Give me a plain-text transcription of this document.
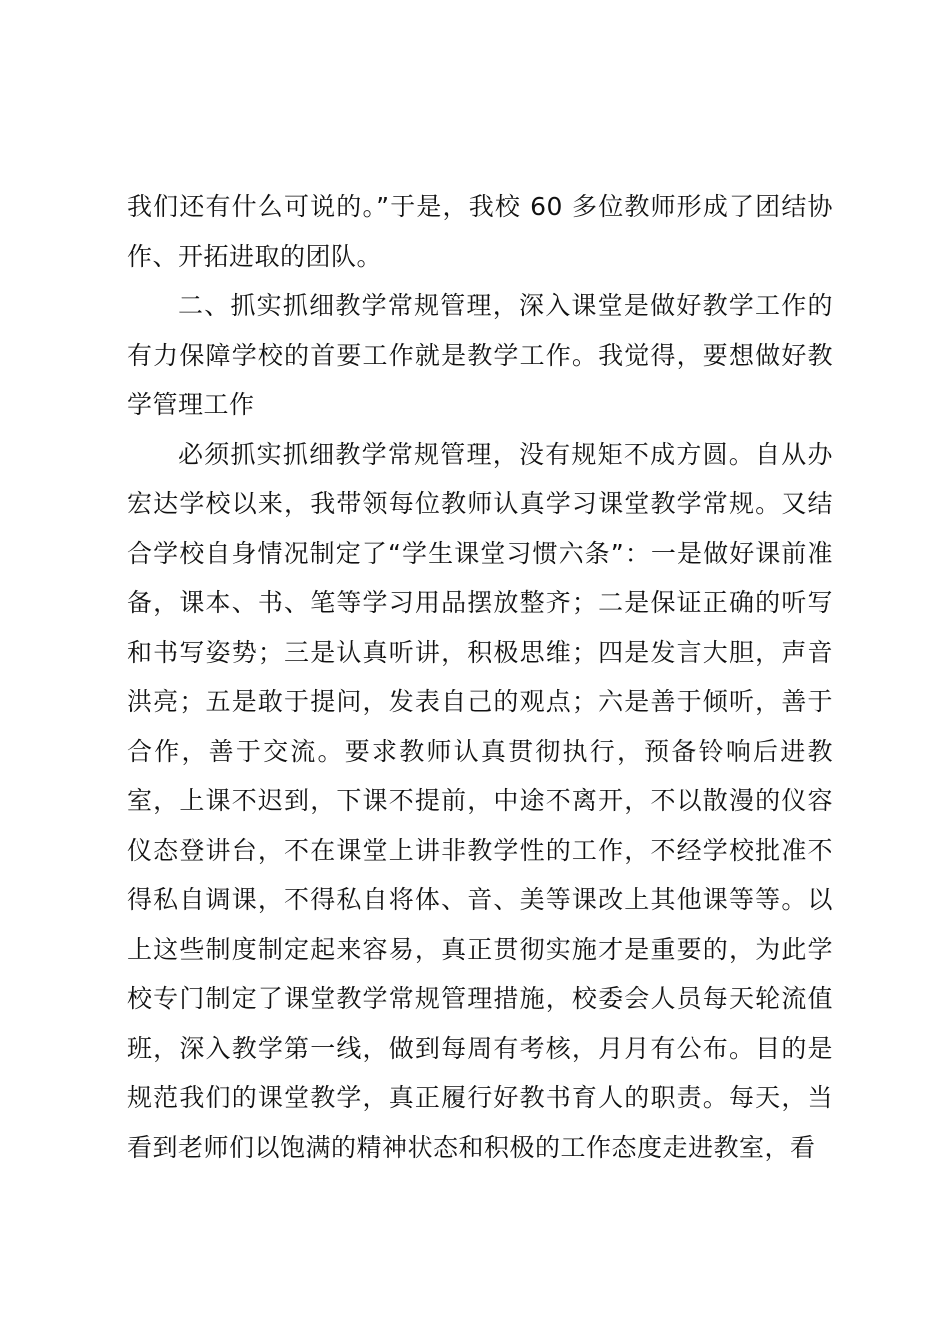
我们还有什么可说的。”于是，我校 60 多位教师形成了团结协作、开拓进取的团队。

二、抓实抓细教学常规管理，深入课堂是做好教学工作的有力保障学校的首要工作就是教学工作。我觉得，要想做好教学管理工作

必须抓实抓细教学常规管理，没有规矩不成方圆。自从办宏达学校以来，我带领每位教师认真学习课堂教学常规。又结合学校自身情况制定了“学生课堂习惯六条”：一是做好课前准备，课本、书、笔等学习用品摆放整齐；二是保证正确的听写和书写姿势；三是认真听讲，积极思维；四是发言大胆，声音洪亮；五是敢于提问，发表自己的观点；六是善于倾听，善于合作，善于交流。要求教师认真贯彻执行，预备铃响后进教室，上课不迟到，下课不提前，中途不离开，不以散漫的仪容仪态登讲台，不在课堂上讲非教学性的工作，不经学校批准不得私自调课，不得私自将体、音、美等课改上其他课等等。以上这些制度制定起来容易，真正贯彻实施才是重要的，为此学校专门制定了课堂教学常规管理措施，校委会人员每天轮流值班，深入教学第一线，做到每周有考核，月月有公布。目的是规范我们的课堂教学，真正履行好教书育人的职责。每天，当看到老师们以饱满的精神状态和积极的工作态度走进教室，看
